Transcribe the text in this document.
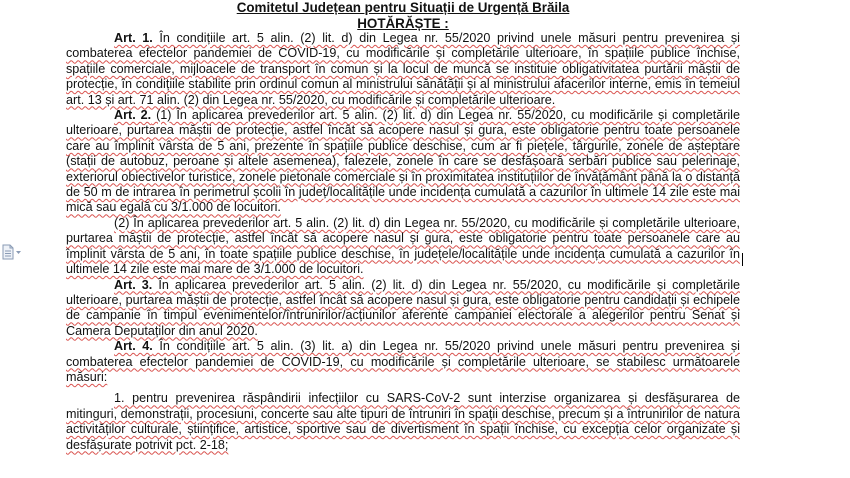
Comitetul Județean pentru Situații de Urgență Brăila
HOTĂRĂȘTE :

Art. 1. În condițiile art. 5 alin. (2) lit. d) din Legea nr. 55/2020 privind unele măsuri pentru prevenirea și combaterea efectelor pandemiei de COVID-19, cu modificările și completările ulterioare, în spațiile publice închise, spațiile comerciale, mijloacele de transport în comun și la locul de muncă se instituie obligativitatea purtării măștii de protecție, în condițiile stabilite prin ordinul comun al ministrului sănătății și al ministrului afacerilor interne, emis în temeiul art. 13 și art. 71 alin. (2) din Legea nr. 55/2020, cu modificările și completările ulterioare.

Art. 2. (1) În aplicarea prevederilor art. 5 alin. (2) lit. d) din Legea nr. 55/2020, cu modificările și completările ulterioare, purtarea măștii de protecție, astfel încât să acopere nasul și gura, este obligatorie pentru toate persoanele care au împlinit vârsta de 5 ani, prezente în spațiile publice deschise, cum ar fi piețele, târgurile, zonele de așteptare (stații de autobuz, peroane și altele asemenea), falezele, zonele în care se desfășoară serbări publice sau pelerinaje, exteriorul obiectivelor turistice, zonele pietonale comerciale și în proximitatea instituțiilor de învățământ până la o distanță de 50 m de intrarea în perimetrul școlii în județ/localitățile unde incidența cumulată a cazurilor în ultimele 14 zile este mai mică sau egală cu 3/1.000 de locuitori.

(2) În aplicarea prevederilor art. 5 alin. (2) lit. d) din Legea nr. 55/2020, cu modificările și completările ulterioare, purtarea măștii de protecție, astfel încât să acopere nasul și gura, este obligatorie pentru toate persoanele care au împlinit vârsta de 5 ani, în toate spațiile publice deschise, în județele/localitățile unde incidența cumulată a cazurilor în ultimele 14 zile este mai mare de 3/1.000 de locuitori.

Art. 3. În aplicarea prevederilor art. 5 alin. (2) lit. d) din Legea nr. 55/2020, cu modificările și completările ulterioare, purtarea măștii de protecție, astfel încât să acopere nasul și gura, este obligatorie pentru candidații și echipele de campanie în timpul evenimentelor/întrunirilor/acțiunilor aferente campaniei electorale a alegerilor pentru Senat și Camera Deputaților din anul 2020.

Art. 4. În condițiile art. 5 alin. (3) lit. a) din Legea nr. 55/2020 privind unele măsuri pentru prevenirea și combaterea efectelor pandemiei de COVID-19, cu modificările și completările ulterioare, se stabilesc următoarele măsuri:

1. pentru prevenirea răspândirii infecțiilor cu SARS-CoV-2 sunt interzise organizarea și desfășurarea de mitinguri, demonstrații, procesiuni, concerte sau alte tipuri de întruniri în spații deschise, precum și a întrunirilor de natura activităților culturale, științifice, artistice, sportive sau de divertisment în spații închise, cu excepția celor organizate și desfășurate potrivit pct. 2-18;
